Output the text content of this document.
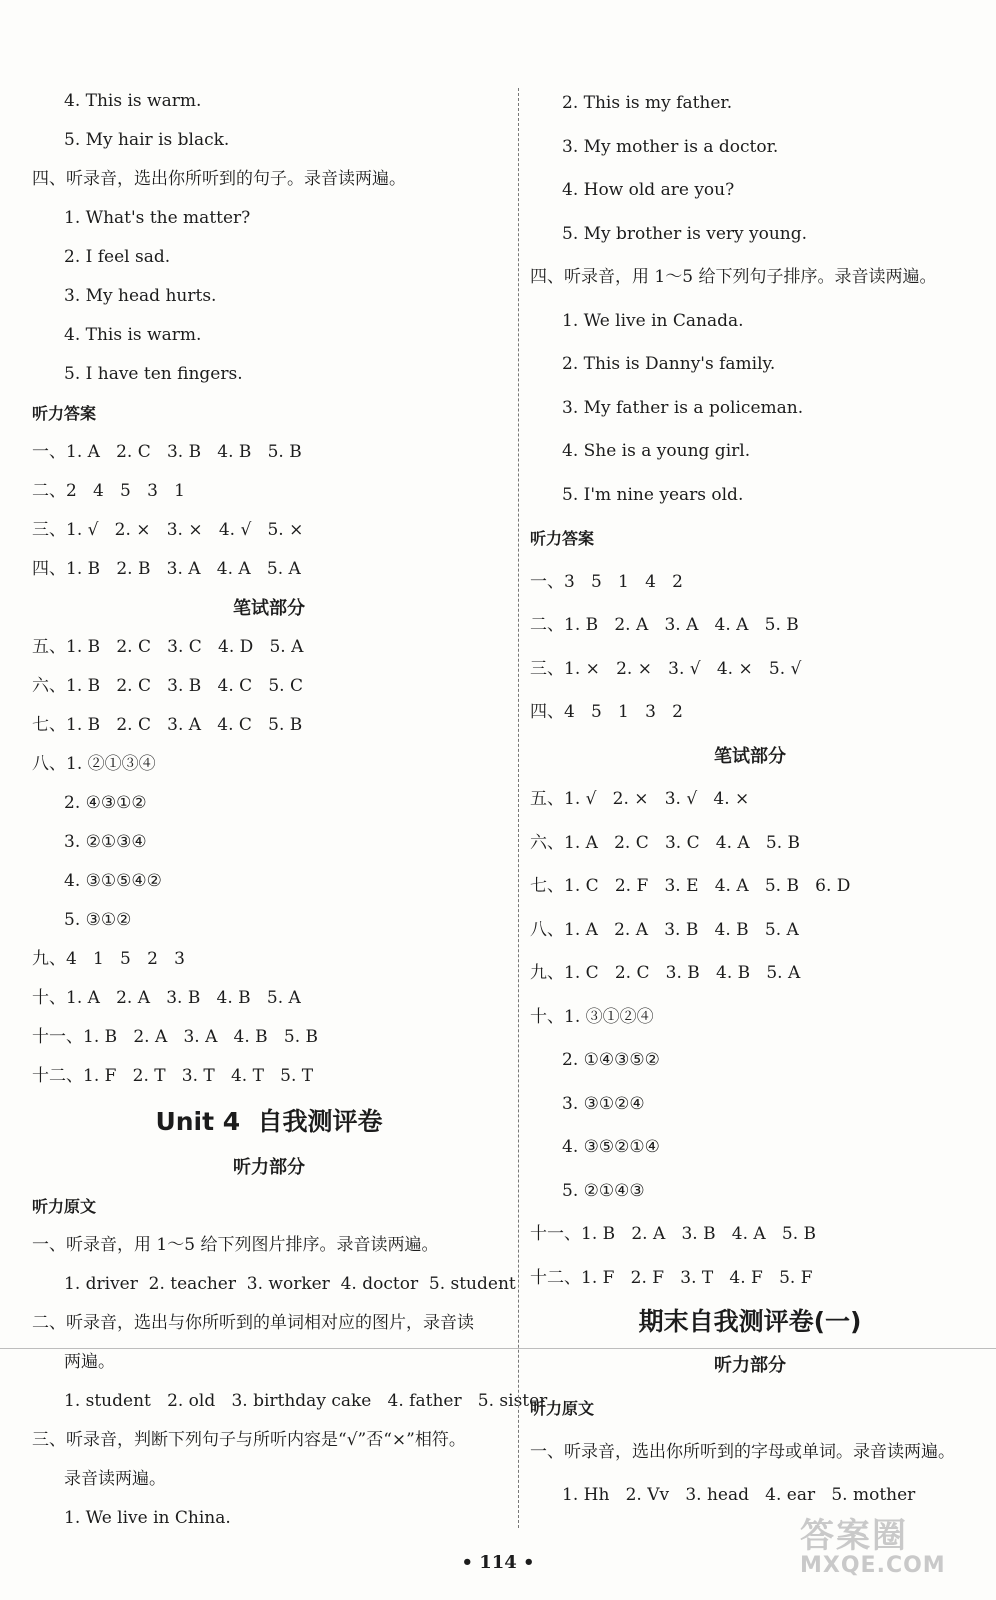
4. This is warm.
5. My hair is black.
四、听录音，选出你所听到的句子。录音读两遍。
1. What's the matter?
2. I feel sad.
3. My head hurts.
4. This is warm.
5. I have ten fingers.
听力答案
一、1. A   2. C   3. B   4. B   5. B
二、2   4   5   3   1
三、1. √   2. ×   3. ×   4. √   5. ×
四、1. B   2. B   3. A   4. A   5. A
笔试部分
五、1. B   2. C   3. C   4. D   5. A
六、1. B   2. C   3. B   4. C   5. C
七、1. B   2. C   3. A   4. C   5. B
八、1. ②①③④
2. ④③①②
3. ②①③④
4. ③①⑤④②
5. ③①②
九、4   1   5   2   3
十、1. A   2. A   3. B   4. B   5. A
十一、1. B   2. A   3. A   4. B   5. B
十二、1. F   2. T   3. T   4. T   5. T
Unit 4  自我测评卷
听力部分
听力原文
一、听录音，用 1～5 给下列图片排序。录音读两遍。
1. driver  2. teacher  3. worker  4. doctor  5. student
二、听录音，选出与你所听到的单词相对应的图片，录音读
两遍。
1. student   2. old   3. birthday cake   4. father   5. sister
三、听录音，判断下列句子与所听内容是“√”否“×”相符。
录音读两遍。
1. We live in China.
2. This is my father.
3. My mother is a doctor.
4. How old are you?
5. My brother is very young.
四、听录音，用 1～5 给下列句子排序。录音读两遍。
1. We live in Canada.
2. This is Danny's family.
3. My father is a policeman.
4. She is a young girl.
5. I'm nine years old.
听力答案
一、3   5   1   4   2
二、1. B   2. A   3. A   4. A   5. B
三、1. ×   2. ×   3. √   4. ×   5. √
四、4   5   1   3   2
笔试部分
五、1. √   2. ×   3. √   4. ×
六、1. A   2. C   3. C   4. A   5. B
七、1. C   2. F   3. E   4. A   5. B   6. D
八、1. A   2. A   3. B   4. B   5. A
九、1. C   2. C   3. B   4. B   5. A
十、1. ③①②④
2. ①④③⑤②
3. ③①②④
4. ③⑤②①④
5. ②①④③
十一、1. B   2. A   3. B   4. A   5. B
十二、1. F   2. F   3. T   4. F   5. F
期末自我测评卷(一)
听力部分
听力原文
一、听录音，选出你所听到的字母或单词。录音读两遍。
1. Hh   2. Vv   3. head   4. ear   5. mother
• 114 •
答案圈
MXQE.COM
